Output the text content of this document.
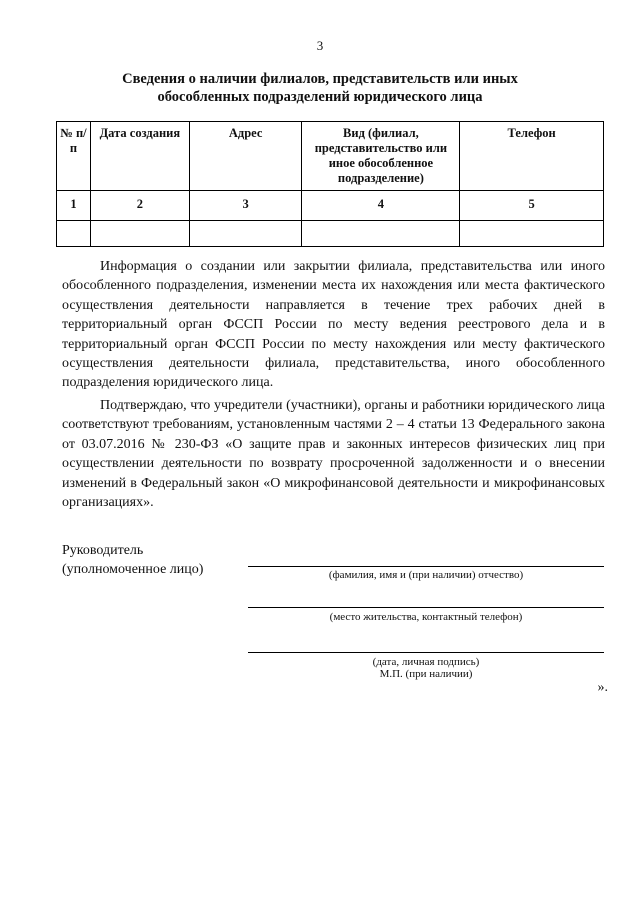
3
Сведения о наличии филиалов, представительств или иных
обособленных подразделений юридического лица
№ п/п	Дата создания	Адрес	Вид (филиал, представительство или иное обособленное подразделение)	Телефон
1	2	3	4	5

Информация о создании или закрытии филиала, представительства или иного обособленного подразделения, изменении места их нахождения или места фактического осуществления деятельности направляется в течение трех рабочих дней в территориальный орган ФССП России по месту ведения реестрового дела и в территориальный орган ФССП России по месту нахождения или месту фактического осуществления деятельности филиала, представительства, иного обособленного подразделения юридического лица.

Подтверждаю, что учредители (участники), органы и работники юридического лица соответствуют требованиям, установленным частями 2 – 4 статьи 13 Федерального закона от 03.07.2016 № 230-ФЗ «О защите прав и законных интересов физических лиц при осуществлении деятельности по возврату просроченной задолженности и о внесении изменений в Федеральный закон «О микрофинансовой деятельности и микрофинансовых организациях».

Руководитель
(уполномоченное лицо)	(фамилия, имя и (при наличии) отчество)
(место жительства, контактный телефон)
(дата, личная подпись)
М.П. (при наличии)
».
